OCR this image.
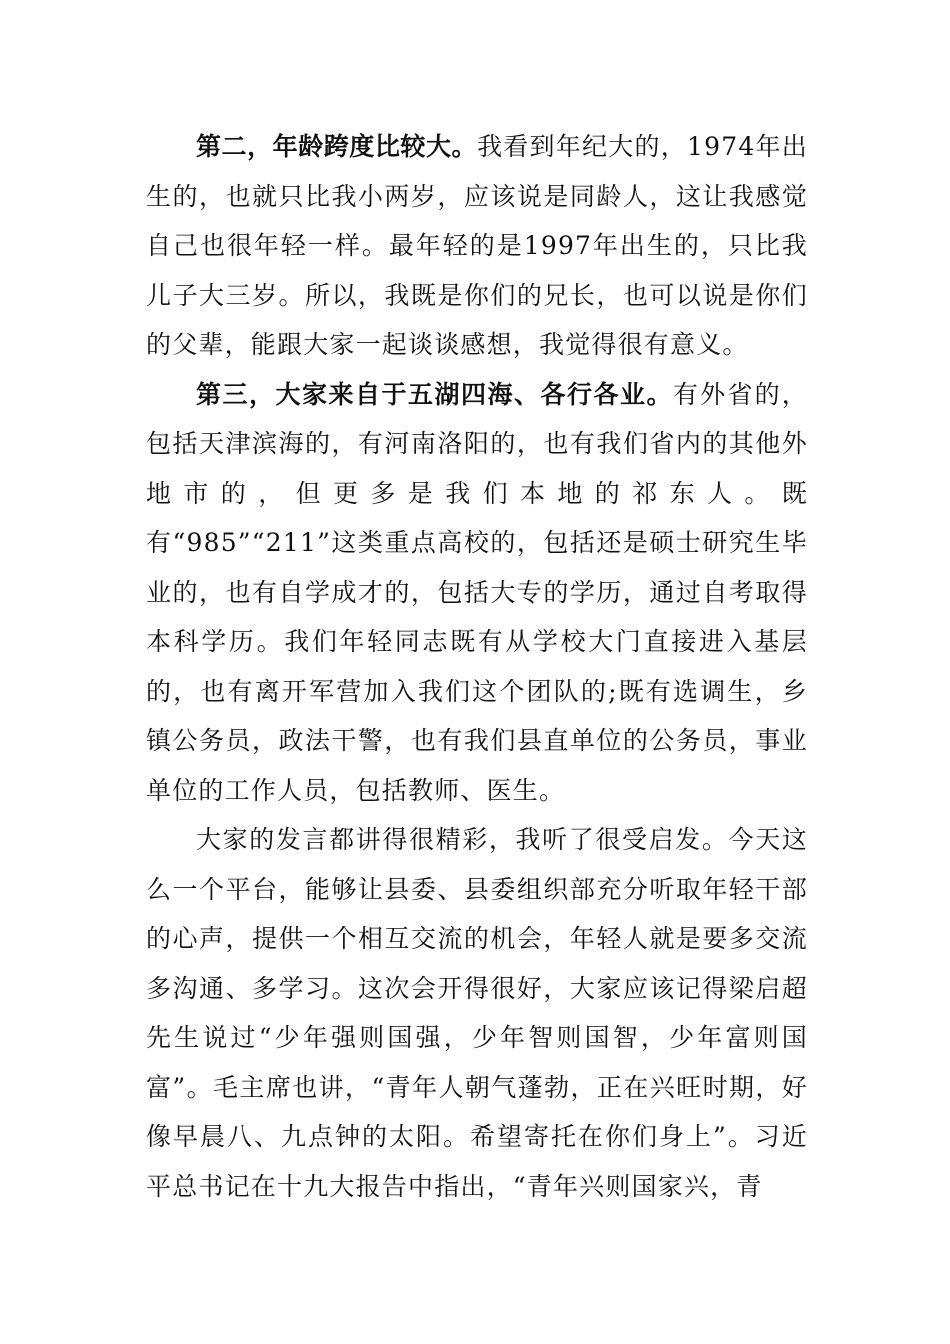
第二，年龄跨度比较大。我看到年纪大的，1974年出生的，也就只比我小两岁，应该说是同龄人，这让我感觉自己也很年轻一样。最年轻的是1997年出生的，只比我儿子大三岁。所以，我既是你们的兄长，也可以说是你们的父辈，能跟大家一起谈谈感想，我觉得很有意义。

第三，大家来自于五湖四海、各行各业。有外省的，包括天津滨海的，有河南洛阳的，也有我们省内的其他外地市的，但更多是我们本地的祁东人。既有“985”“211”这类重点高校的，包括还是硕士研究生毕业的，也有自学成才的，包括大专的学历，通过自考取得本科学历。我们年轻同志既有从学校大门直接进入基层的，也有离开军营加入我们这个团队的;既有选调生，乡镇公务员，政法干警，也有我们县直单位的公务员，事业单位的工作人员，包括教师、医生。

大家的发言都讲得很精彩，我听了很受启发。今天这么一个平台，能够让县委、县委组织部充分听取年轻干部的心声，提供一个相互交流的机会，年轻人就是要多交流多沟通、多学习。这次会开得很好，大家应该记得梁启超先生说过“少年强则国强，少年智则国智，少年富则国富”。毛主席也讲，“青年人朝气蓬勃，正在兴旺时期，好像早晨八、九点钟的太阳。希望寄托在你们身上”。习近平总书记在十九大报告中指出，“青年兴则国家兴，青
